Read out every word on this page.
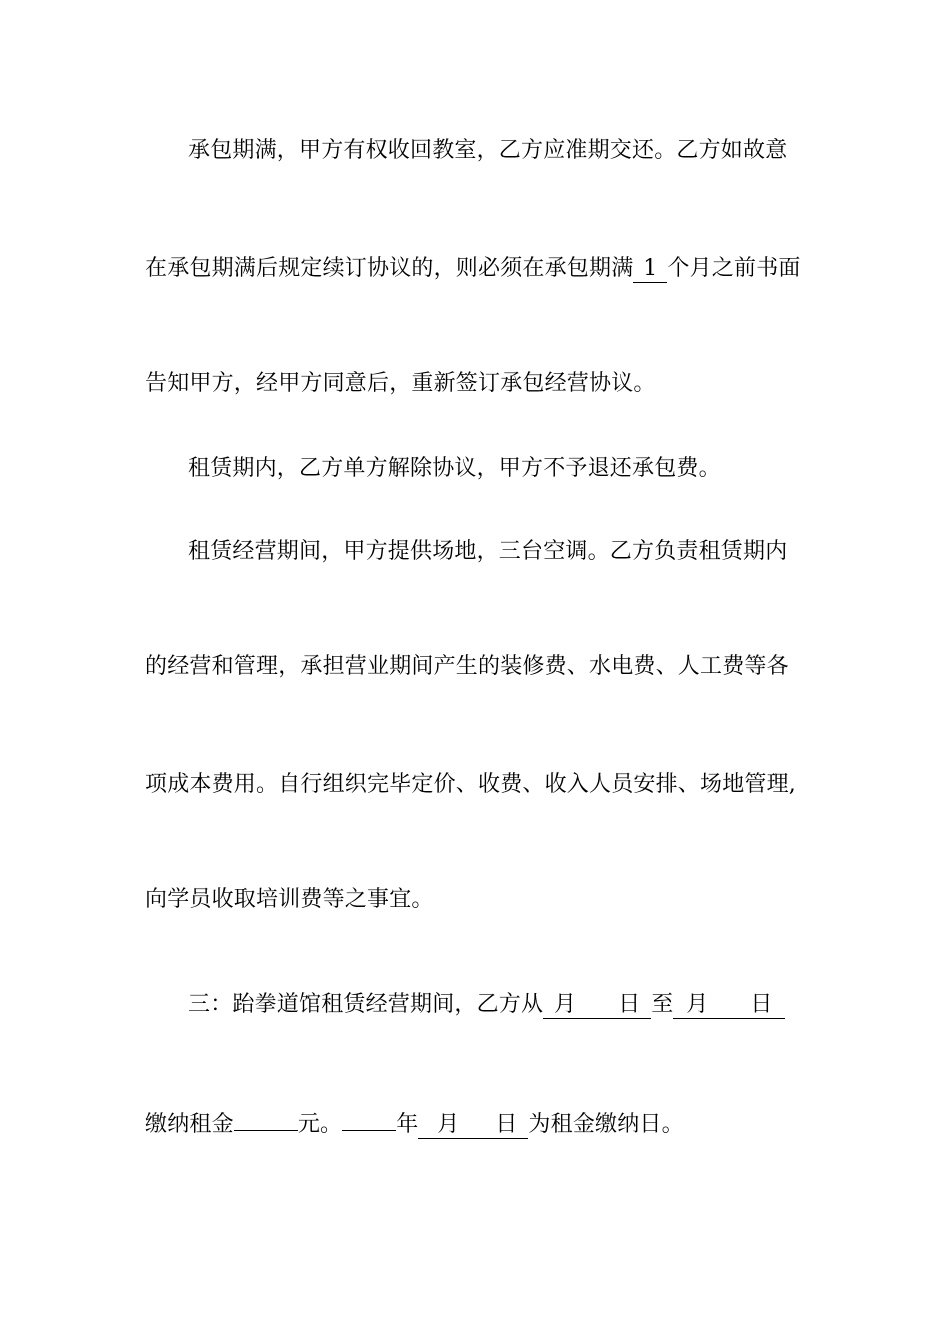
承包期满，甲方有权收回教室，乙方应准期交还。乙方如故意
在承包期满后规定续订协议的，则必须在承包期满 1 个月之前书面
告知甲方，经甲方同意后，重新签订承包经营协议。
租赁期内，乙方单方解除协议，甲方不予退还承包费。
租赁经营期间，甲方提供场地，三台空调。乙方负责租赁期内
的经营和管理，承担营业期间产生的装修费、水电费、人工费等各
项成本费用。自行组织完毕定价、收费、收入人员安排、场地管理,
向学员收取培训费等之事宜。
三：跆拳道馆租赁经营期间，乙方从 月 日 至 月 日
缴纳租金	元。 年 月 日 为租金缴纳日。
